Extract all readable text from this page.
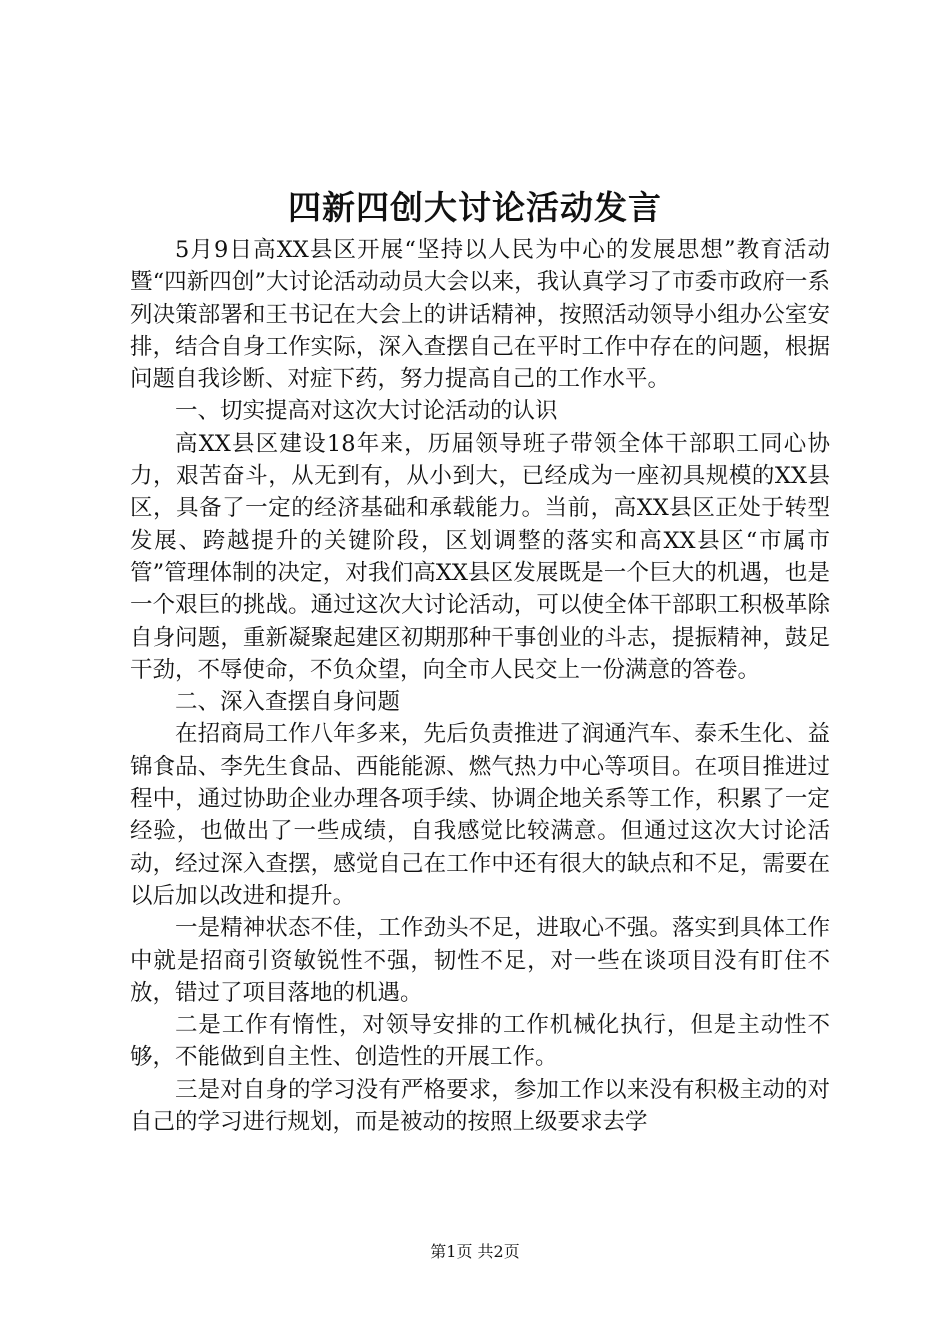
四新四创大讨论活动发言

5月9日高XX县区开展“坚持以人民为中心的发展思想”教育活动暨“四新四创”大讨论活动动员大会以来，我认真学习了市委市政府一系列决策部署和王书记在大会上的讲话精神，按照活动领导小组办公室安排，结合自身工作实际，深入查摆自己在平时工作中存在的问题，根据问题自我诊断、对症下药，努力提高自己的工作水平。

一、切实提高对这次大讨论活动的认识

高XX县区建设18年来，历届领导班子带领全体干部职工同心协力，艰苦奋斗，从无到有，从小到大，已经成为一座初具规模的XX县区，具备了一定的经济基础和承载能力。当前，高XX县区正处于转型发展、跨越提升的关键阶段，区划调整的落实和高XX县区“市属市管”管理体制的决定，对我们高XX县区发展既是一个巨大的机遇，也是一个艰巨的挑战。通过这次大讨论活动，可以使全体干部职工积极革除自身问题，重新凝聚起建区初期那种干事创业的斗志，提振精神，鼓足干劲，不辱使命，不负众望，向全市人民交上一份满意的答卷。

二、深入查摆自身问题

在招商局工作八年多来，先后负责推进了润通汽车、泰禾生化、益锦食品、李先生食品、西能能源、燃气热力中心等项目。在项目推进过程中，通过协助企业办理各项手续、协调企地关系等工作，积累了一定经验，也做出了一些成绩，自我感觉比较满意。但通过这次大讨论活动，经过深入查摆，感觉自己在工作中还有很大的缺点和不足，需要在以后加以改进和提升。

一是精神状态不佳，工作劲头不足，进取心不强。落实到具体工作中就是招商引资敏锐性不强，韧性不足，对一些在谈项目没有盯住不放，错过了项目落地的机遇。

二是工作有惰性，对领导安排的工作机械化执行，但是主动性不够，不能做到自主性、创造性的开展工作。

三是对自身的学习没有严格要求，参加工作以来没有积极主动的对自己的学习进行规划，而是被动的按照上级要求去学

第1页 共2页
